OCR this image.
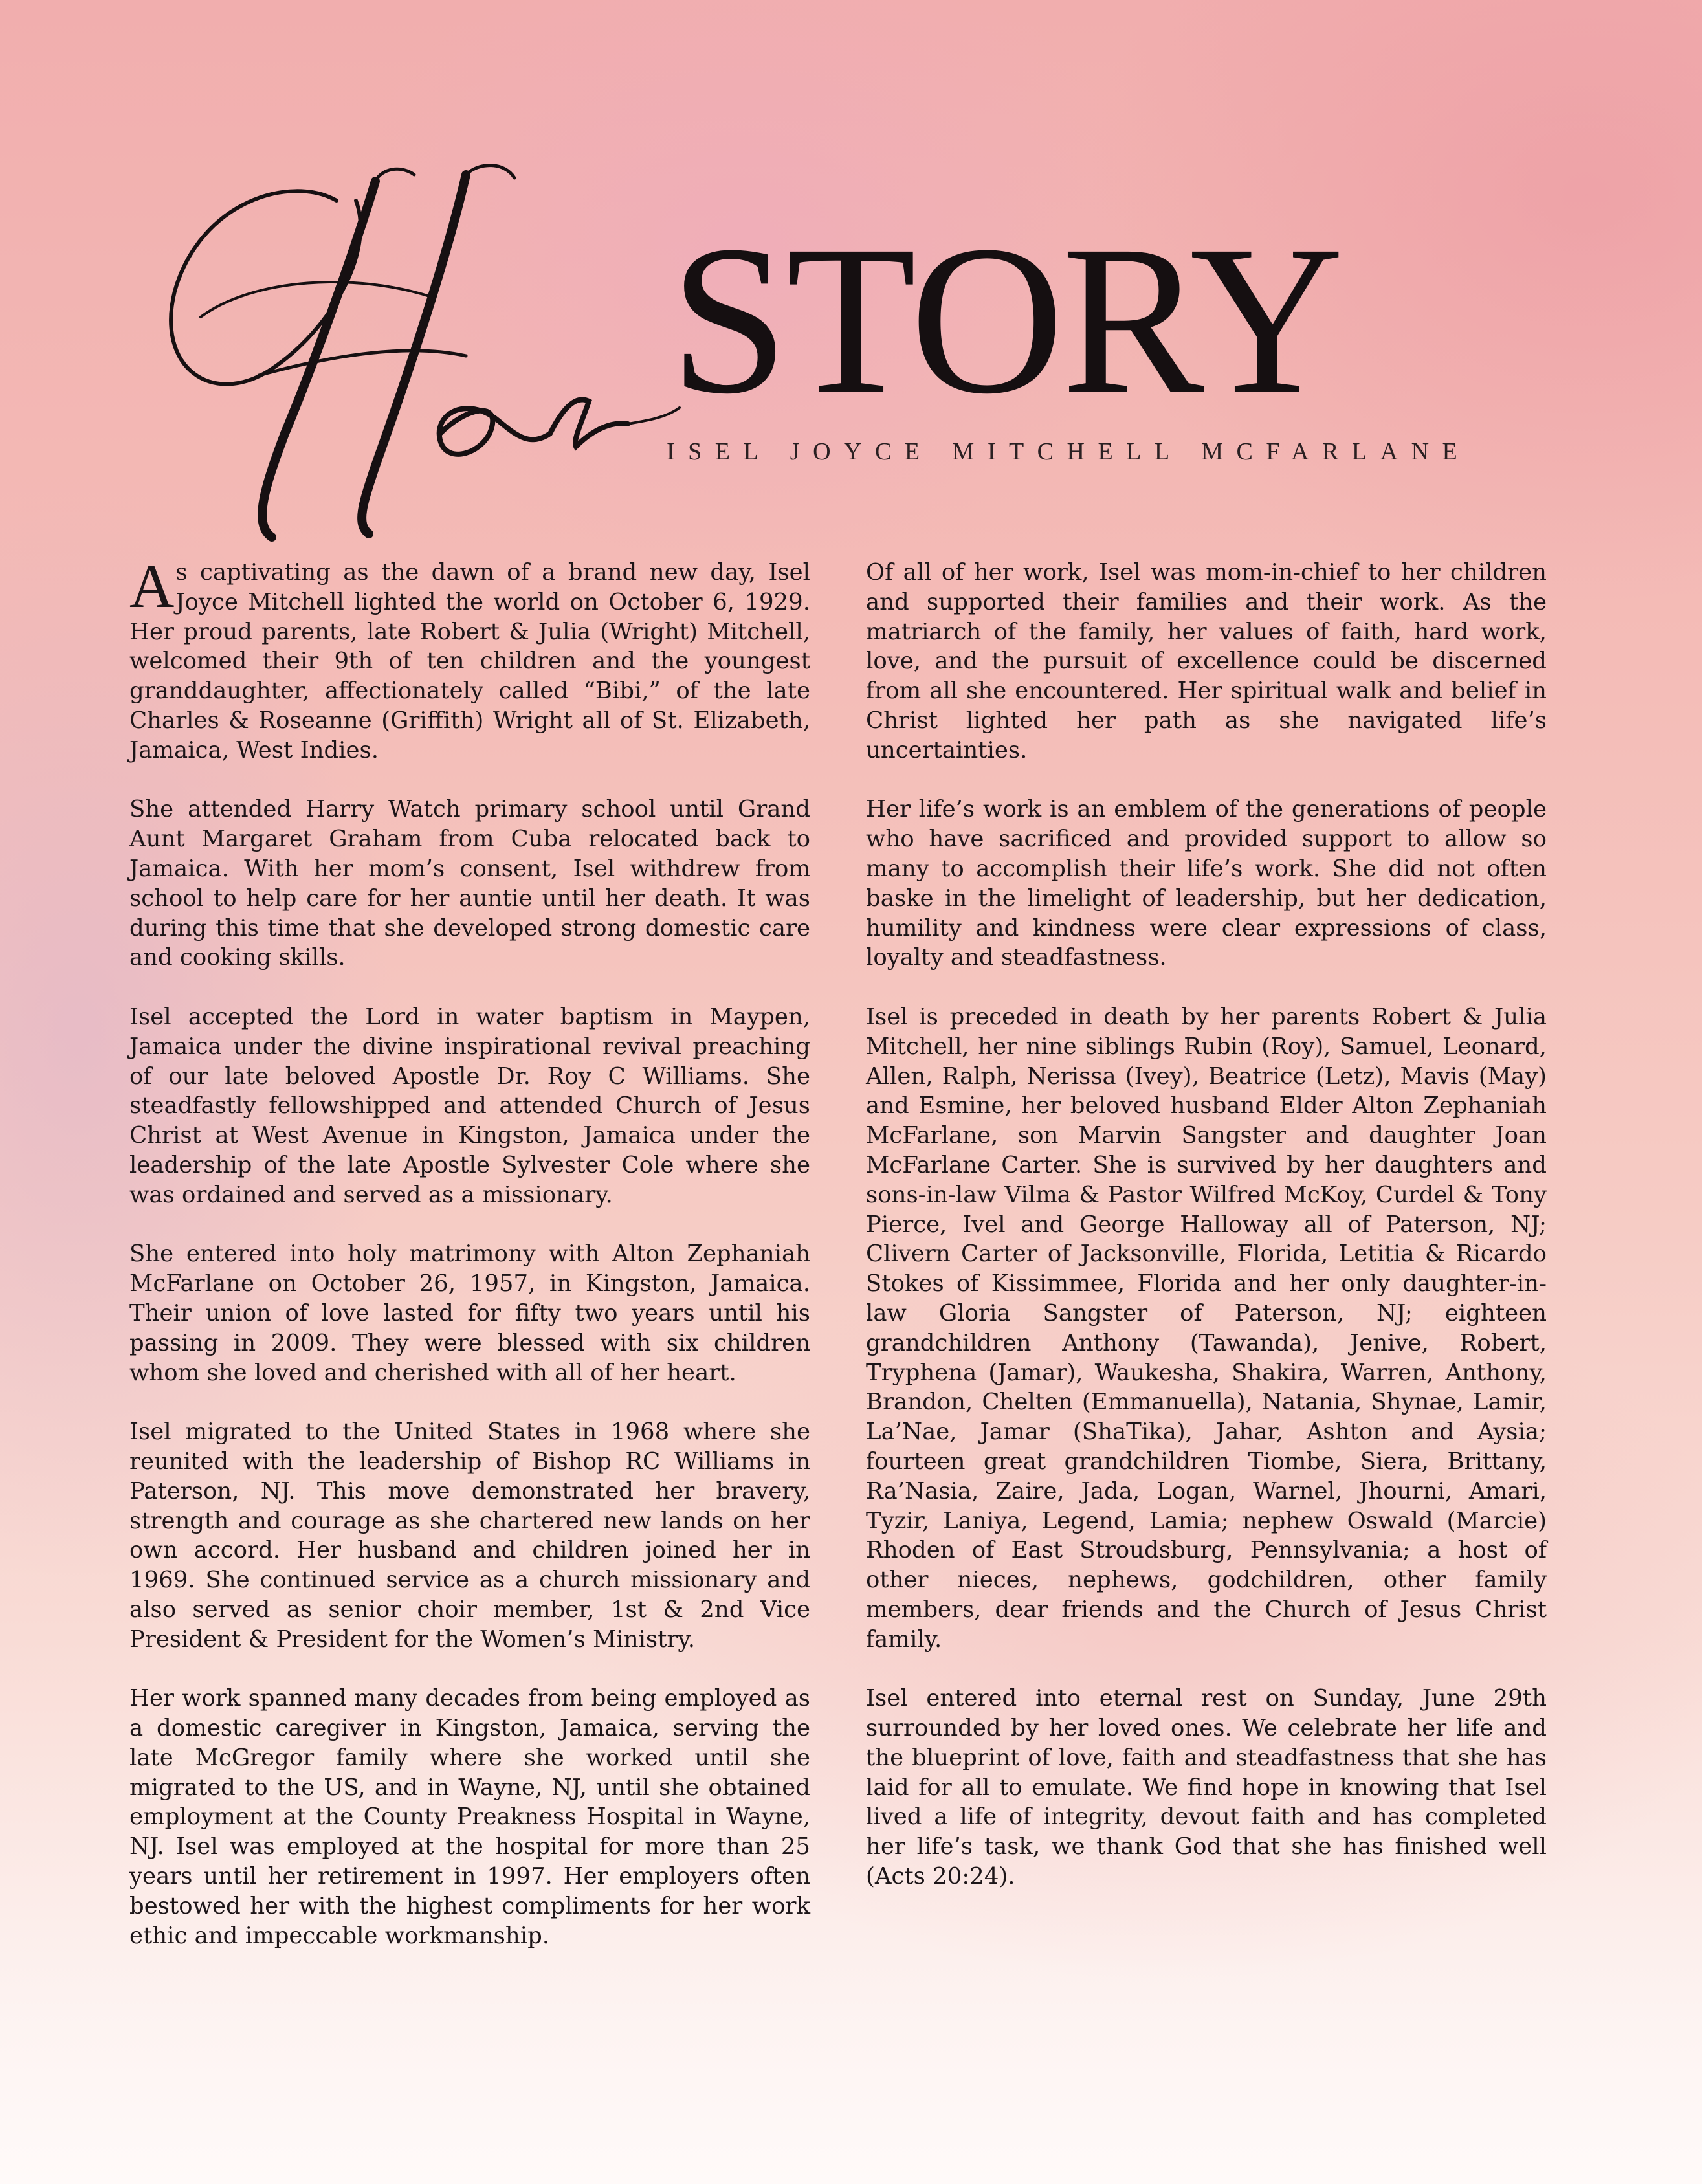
STORY
ISEL JOYCE MITCHELL MCFARLANE

As captivating as the dawn of a brand new day, Isel Joyce Mitchell lighted the world on October 6, 1929. Her proud parents, late Robert & Julia (Wright) Mitchell, welcomed their 9th of ten children and the youngest granddaughter, affectionately called “Bibi,” of the late Charles & Roseanne (Griffith) Wright all of St. Elizabeth, Jamaica, West Indies.

She attended Harry Watch primary school until Grand Aunt Margaret Graham from Cuba relocated back to Jamaica. With her mom’s consent, Isel withdrew from school to help care for her auntie until her death. It was during this time that she developed strong domestic care and cooking skills.

Isel accepted the Lord in water baptism in Maypen, Jamaica under the divine inspirational revival preaching of our late beloved Apostle Dr. Roy C Williams. She steadfastly fellowshipped and attended Church of Jesus Christ at West Avenue in Kingston, Jamaica under the leadership of the late Apostle Sylvester Cole where she was ordained and served as a missionary.

She entered into holy matrimony with Alton Zephaniah McFarlane on October 26, 1957, in Kingston, Jamaica. Their union of love lasted for fifty two years until his passing in 2009. They were blessed with six children whom she loved and cherished with all of her heart.

Isel migrated to the United States in 1968 where she reunited with the leadership of Bishop RC Williams in Paterson, NJ. This move demonstrated her bravery, strength and courage as she chartered new lands on her own accord. Her husband and children joined her in 1969. She continued service as a church missionary and also served as senior choir member, 1st & 2nd Vice President & President for the Women’s Ministry.

Her work spanned many decades from being employed as a domestic caregiver in Kingston, Jamaica, serving the late McGregor family where she worked until she migrated to the US, and in Wayne, NJ, until she obtained employment at the County Preakness Hospital in Wayne, NJ. Isel was employed at the hospital for more than 25 years until her retirement in 1997. Her employers often bestowed her with the highest compliments for her work ethic and impeccable workmanship.

Of all of her work, Isel was mom-in-chief to her children and supported their families and their work. As the matriarch of the family, her values of faith, hard work, love, and the pursuit of excellence could be discerned from all she encountered. Her spiritual walk and belief in Christ lighted her path as she navigated life’s uncertainties.

Her life’s work is an emblem of the generations of people who have sacrificed and provided support to allow so many to accomplish their life’s work. She did not often baske in the limelight of leadership, but her dedication, humility and kindness were clear expressions of class, loyalty and steadfastness.

Isel is preceded in death by her parents Robert & Julia Mitchell, her nine siblings Rubin (Roy), Samuel, Leonard, Allen, Ralph, Nerissa (Ivey), Beatrice (Letz), Mavis (May) and Esmine, her beloved husband Elder Alton Zephaniah McFarlane, son Marvin Sangster and daughter Joan McFarlane Carter. She is survived by her daughters and sons-in-law Vilma & Pastor Wilfred McKoy, Curdel & Tony Pierce, Ivel and George Halloway all of Paterson, NJ; Clivern Carter of Jacksonville, Florida, Letitia & Ricardo Stokes of Kissimmee, Florida and her only daughter-in-law Gloria Sangster of Paterson, NJ; eighteen grandchildren Anthony (Tawanda), Jenive, Robert, Tryphena (Jamar), Waukesha, Shakira, Warren, Anthony, Brandon, Chelten (Emmanuella), Natania, Shynae, Lamir, La’Nae, Jamar (ShaTika), Jahar, Ashton and Aysia; fourteen great grandchildren Tiombe, Siera, Brittany, Ra’Nasia, Zaire, Jada, Logan, Warnel, Jhourni, Amari, Tyzir, Laniya, Legend, Lamia; nephew Oswald (Marcie) Rhoden of East Stroudsburg, Pennsylvania; a host of other nieces, nephews, godchildren, other family members, dear friends and the Church of Jesus Christ family.

Isel entered into eternal rest on Sunday, June 29th surrounded by her loved ones. We celebrate her life and the blueprint of love, faith and steadfastness that she has laid for all to emulate. We find hope in knowing that Isel lived a life of integrity, devout faith and has completed her life’s task, we thank God that she has finished well (Acts 20:24).
